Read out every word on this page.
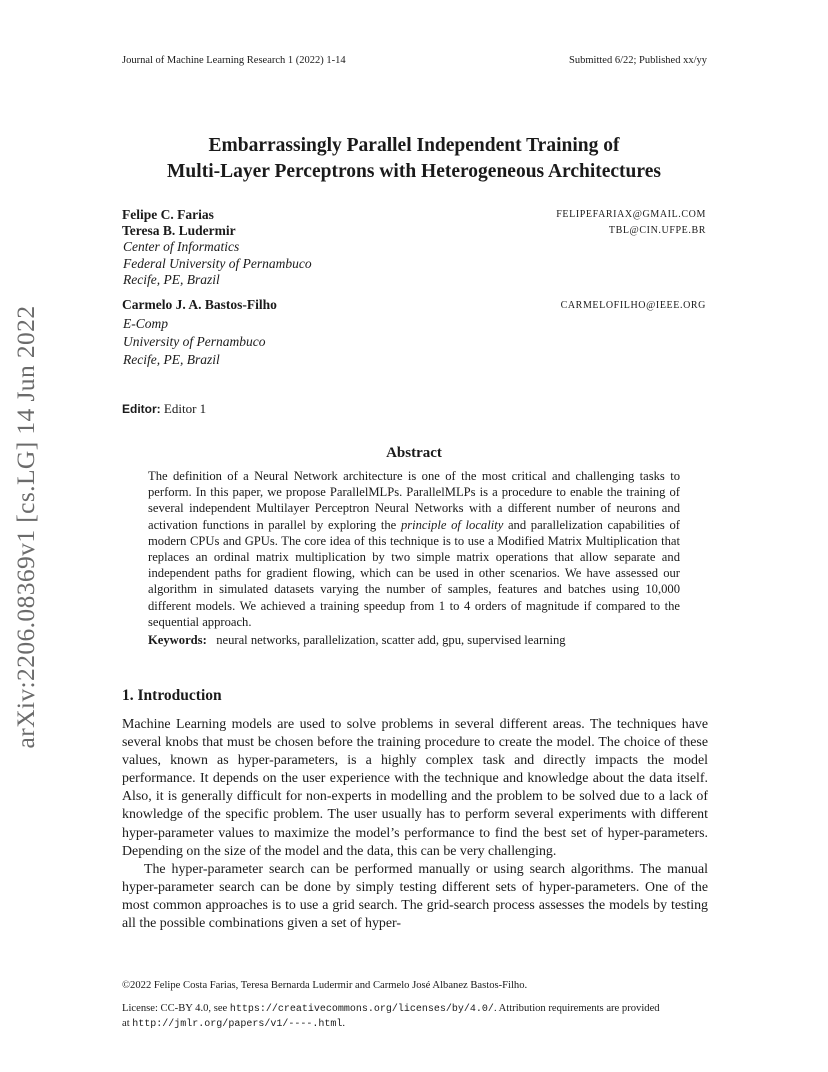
Journal of Machine Learning Research 1 (2022) 1-14	Submitted 6/22; Published xx/yy
arXiv:2206.08369v1 [cs.LG] 14 Jun 2022
Embarrassingly Parallel Independent Training of
Multi-Layer Perceptrons with Heterogeneous Architectures
Felipe C. Farias	FELIPEFARIAX@GMAIL.COM
Teresa B. Ludermir	TBL@CIN.UFPE.BR
Center of Informatics
Federal University of Pernambuco
Recife, PE, Brazil
Carmelo J. A. Bastos-Filho	CARMELOFILHO@IEEE.ORG
E-Comp
University of Pernambuco
Recife, PE, Brazil
Editor: Editor 1
Abstract

The definition of a Neural Network architecture is one of the most critical and challenging tasks to perform. In this paper, we propose ParallelMLPs. ParallelMLPs is a procedure to enable the training of several independent Multilayer Perceptron Neural Networks with a different number of neurons and activation functions in parallel by exploring the principle of locality and parallelization capabilities of modern CPUs and GPUs. The core idea of this technique is to use a Modified Matrix Multiplication that replaces an ordinal matrix multiplication by two simple matrix operations that allow separate and independent paths for gradient flowing, which can be used in other scenarios. We have assessed our algorithm in simulated datasets varying the number of samples, features and batches using 10,000 different models. We achieved a training speedup from 1 to 4 orders of magnitude if compared to the sequential approach.

Keywords: neural networks, parallelization, scatter add, gpu, supervised learning

1. Introduction

Machine Learning models are used to solve problems in several different areas. The techniques have several knobs that must be chosen before the training procedure to create the model. The choice of these values, known as hyper-parameters, is a highly complex task and directly impacts the model performance. It depends on the user experience with the technique and knowledge about the data itself. Also, it is generally difficult for non-experts in modelling and the problem to be solved due to a lack of knowledge of the specific problem. The user usually has to perform several experiments with different hyper-parameter values to maximize the model’s performance to find the best set of hyper-parameters. Depending on the size of the model and the data, this can be very challenging.

The hyper-parameter search can be performed manually or using search algorithms. The manual hyper-parameter search can be done by simply testing different sets of hyper-parameters. One of the most common approaches is to use a grid search. The grid-search process assesses the models by testing all the possible combinations given a set of hyper-

©2022 Felipe Costa Farias, Teresa Bernarda Ludermir and Carmelo José Albanez Bastos-Filho.
License: CC-BY 4.0, see https://creativecommons.org/licenses/by/4.0/. Attribution requirements are provided
at http://jmlr.org/papers/v1/----.html.
